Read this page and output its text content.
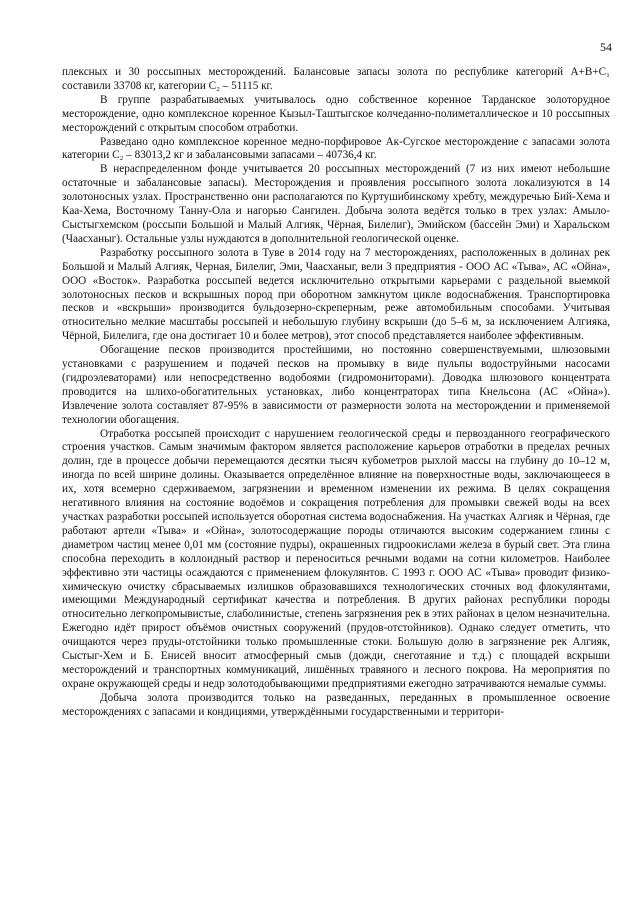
54

плексных и 30 россыпных месторождений. Балансовые запасы золота по республике категорий А+В+С₁ составили 33708 кг, категории С₂ – 51115 кг.

В группе разрабатываемых учитывалось одно собственное коренное Тарданское золоторудное месторождение, одно комплексное коренное Кызыл-Таштыгское колчеданно-полиметаллическое и 10 россыпных месторождений с открытым способом отработки.

Разведано одно комплексное коренное медно-порфировое Ак-Сугское месторождение с запасами золота категории С₂ – 83013,2 кг и забалансовыми запасами – 40736,4 кг.

В нераспределенном фонде учитывается 20 россыпных месторождений (7 из них имеют небольшие остаточные и забалансовые запасы). Месторождения и проявления россыпного золота локализуются в 14 золотоносных узлах. Пространственно они располагаются по Куртушибинскому хребту, междуречью Бий-Хема и Каа-Хема, Восточному Танну-Ола и нагорью Сангилен. Добыча золота ведётся только в трех узлах: Амыло-Сыстыгхемском (россыпи Большой и Малый Алгияк, Чёрная, Билелиг), Эмийском (бассейн Эми) и Харальском (Чаасханыг). Остальные узлы нуждаются в дополнительной геологической оценке.

Разработку россыпного золота в Туве в 2014 году на 7 месторождениях, расположенных в долинах рек Большой и Малый Алгияк, Черная, Билелиг, Эми, Чаасханыг, вели 3 предприятия - ООО АС «Тыва», АС «Ойна», ООО «Восток». Разработка россыпей ведется исключительно открытыми карьерами с раздельной выемкой золотоносных песков и вскрышных пород при оборотном замкнутом цикле водоснабжения. Транспортировка песков и «вскрыши» производится бульдозерно-скреперным, реже автомобильным способами. Учитывая относительно мелкие масштабы россыпей и небольшую глубину вскрыши (до 5–6 м, за исключением Алгияка, Чёрной, Билелига, где она достигает 10 и более метров), этот способ представляется наиболее эффективным.

Обогащение песков производится простейшими, но постоянно совершенствуемыми, шлюзовыми установками с разрушением и подачей песков на промывку в виде пульпы водоструйными насосами (гидроэлеваторами) или непосредственно водобоями (гидромониторами). Доводка шлюзового концентрата проводится на шлихо-обогатительных установках, либо концентраторах типа Кнельсона (АС «Ойна»). Извлечение золота составляет 87-95% в зависимости от размерности золота на месторождении и применяемой технологии обогащения.

Отработка россыпей происходит с нарушением геологической среды и первозданного географического строения участков. Самым значимым фактором является расположение карьеров отработки в пределах речных долин, где в процессе добычи перемещаются десятки тысяч кубометров рыхлой массы на глубину до 10–12 м, иногда по всей ширине долины. Оказывается определённое влияние на поверхностные воды, заключающееся в их, хотя всемерно сдерживаемом, загрязнении и временном изменении их режима. В целях сокращения негативного влияния на состояние водоёмов и сокращения потребления для промывки свежей воды на всех участках разработки россыпей используется оборотная система водоснабжения. На участках Алгияк и Чёрная, где работают артели «Тыва» и «Ойна», золотосодержащие породы отличаются высоким содержанием глины с диаметром частиц менее 0,01 мм (состояние пудры), окрашенных гидроокислами железа в бурый свет. Эта глина способна переходить в коллоидный раствор и переноситься речными водами на сотни километров. Наиболее эффективно эти частицы осаждаются с применением флокулянтов. С 1993 г. ООО АС «Тыва» проводит физико-химическую очистку сбрасываемых излишков образовавшихся технологических сточных вод флокулянтами, имеющими Международный сертификат качества и потребления. В других районах республики породы относительно легкопромывистые, слаболинистые, степень загрязнения рек в этих районах в целом незначительна. Ежегодно идёт прирост объёмов очистных сооружений (прудов-отстойников). Однако следует отметить, что очищаются через пруды-отстойники только промышленные стоки. Большую долю в загрязнение рек Алгияк, Сыстыг-Хем и Б. Енисей вносит атмосферный смыв (дожди, снеготаяние и т.д.) с площадей вскрыши месторождений и транспортных коммуникаций, лишённых травяного и лесного покрова. На мероприятия по охране окружающей среды и недр золотодобывающими предприятиями ежегодно затрачиваются немалые суммы.

Добыча золота производится только на разведанных, переданных в промышленное освоение месторождениях с запасами и кондициями, утверждёнными государственными и территори-
